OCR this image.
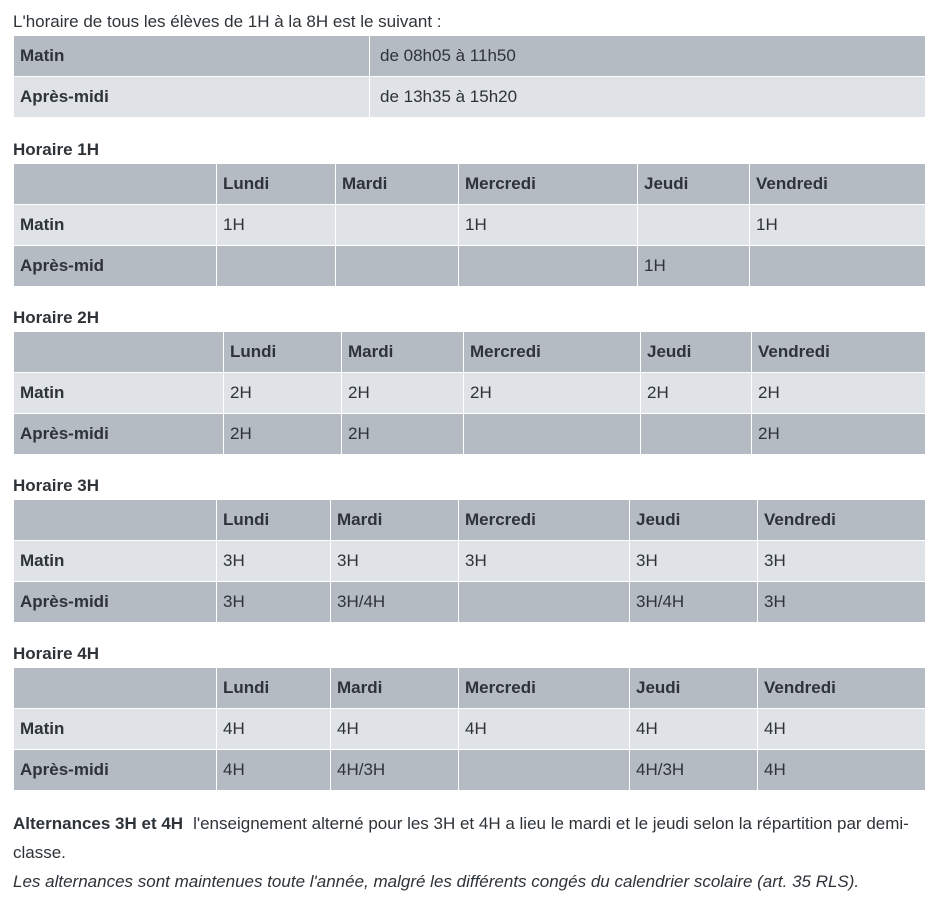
L'horaire de tous les élèves de 1H à la 8H est le suivant :

Matin	de 08h05 à 11h50
Après-midi	de 13h35 à 15h20

Horaire 1H

	Lundi	Mardi	Mercredi	Jeudi	Vendredi
Matin	1H		1H		1H
Après-mid				1H	

Horaire 2H

	Lundi	Mardi	Mercredi	Jeudi	Vendredi
Matin	2H	2H	2H	2H	2H
Après-midi	2H	2H			2H

Horaire 3H

	Lundi	Mardi	Mercredi	Jeudi	Vendredi
Matin	3H	3H	3H	3H	3H
Après-midi	3H	3H/4H		3H/4H	3H

Horaire 4H

	Lundi	Mardi	Mercredi	Jeudi	Vendredi
Matin	4H	4H	4H	4H	4H
Après-midi	4H	4H/3H		4H/3H	4H

Alternances 3H et 4H l'enseignement alterné pour les 3H et 4H a lieu le mardi et le jeudi selon la répartition par demi-classe.

Les alternances sont maintenues toute l'année, malgré les différents congés du calendrier scolaire (art. 35 RLS).
